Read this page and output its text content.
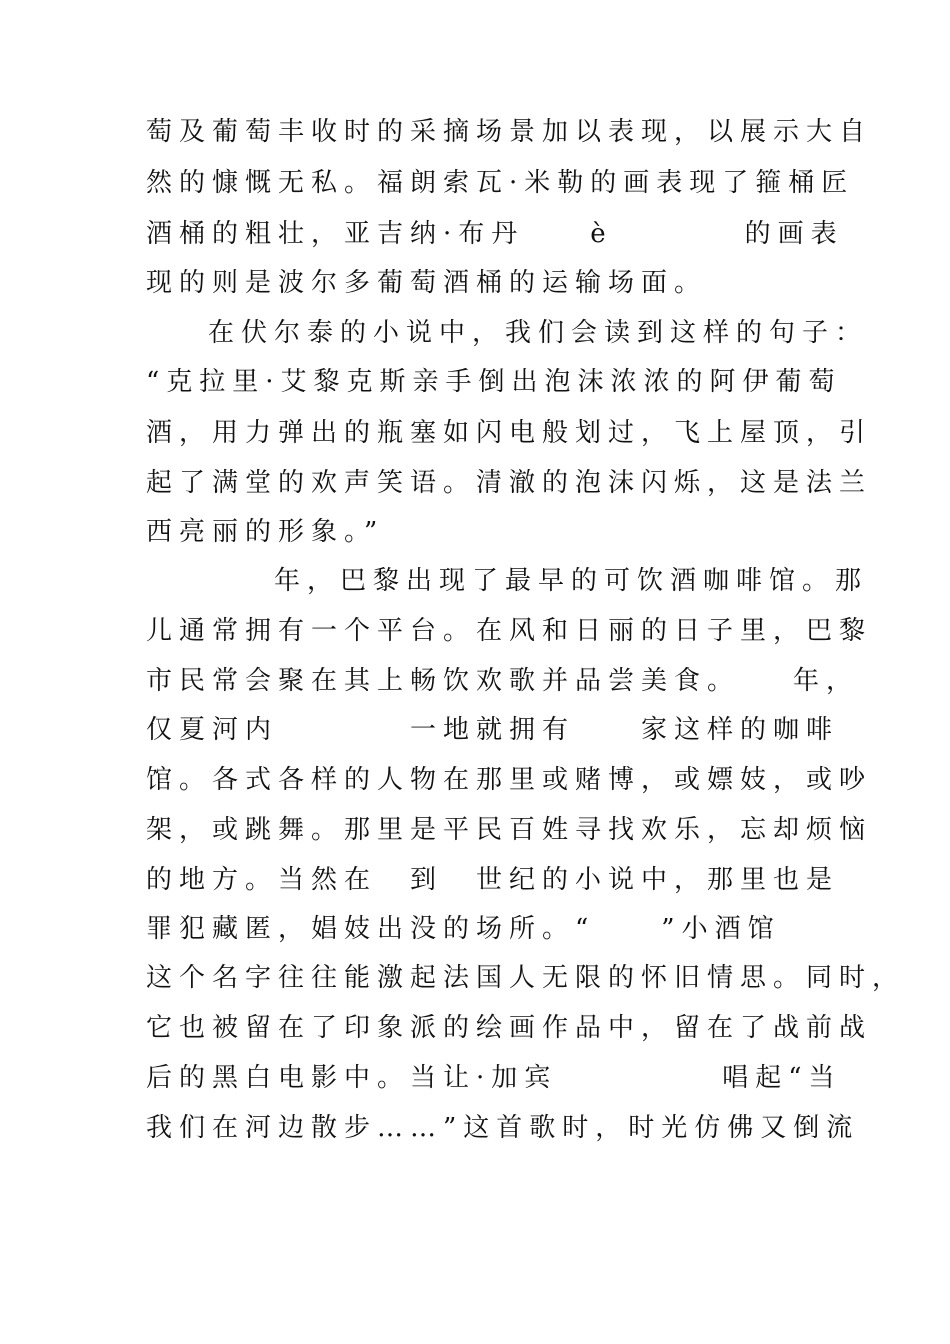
萄及葡萄丰收时的采摘场景加以表现，以展示大自
然的慷慨无私。福朗索瓦·米勒的画表现了箍桶匠
酒桶的粗壮，亚吉纳·布丹　　è　　　　的画表
现的则是波尔多葡萄酒桶的运输场面。
在伏尔泰的小说中，我们会读到这样的句子：
“克拉里·艾黎克斯亲手倒出泡沫浓浓的阿伊葡萄
酒，用力弹出的瓶塞如闪电般划过，飞上屋顶，引
起了满堂的欢声笑语。清澈的泡沫闪烁，这是法兰
西亮丽的形象。”
　　年，巴黎出现了最早的可饮酒咖啡馆。那
儿通常拥有一个平台。在风和日丽的日子里，巴黎
市民常会聚在其上畅饮欢歌并品尝美食。　　年，
仅夏河内　　　　一地就拥有　　家这样的咖啡
馆。各式各样的人物在那里或赌博，或嫖妓，或吵
架，或跳舞。那里是平民百姓寻找欢乐，忘却烦恼
的地方。当然在　到　世纪的小说中，那里也是
罪犯藏匿，娼妓出没的场所。“　　”小酒馆
这个名字往往能激起法国人无限的怀旧情思。同时，
它也被留在了印象派的绘画作品中，留在了战前战
后的黑白电影中。当让·加宾　　　　　唱起“当
我们在河边散步……”这首歌时，时光仿佛又倒流
